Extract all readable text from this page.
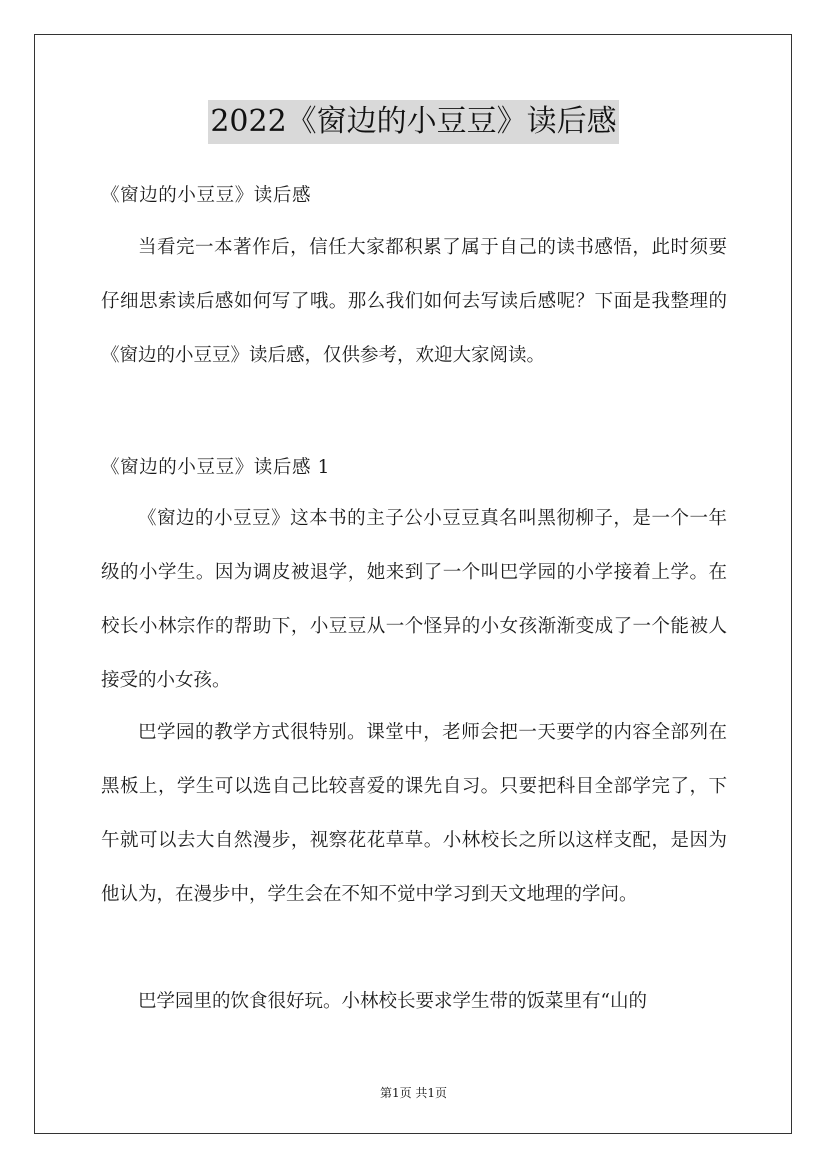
2022《窗边的小豆豆》读后感
《窗边的小豆豆》读后感

当看完一本著作后，信任大家都积累了属于自己的读书感悟，此时须要仔细思索读后感如何写了哦。那么我们如何去写读后感呢？下面是我整理的《窗边的小豆豆》读后感，仅供参考，欢迎大家阅读。

《窗边的小豆豆》读后感 1

《窗边的小豆豆》这本书的主子公小豆豆真名叫黑彻柳子，是一个一年级的小学生。因为调皮被退学，她来到了一个叫巴学园的小学接着上学。在校长小林宗作的帮助下，小豆豆从一个怪异的小女孩渐渐变成了一个能被人接受的小女孩。

巴学园的教学方式很特别。课堂中，老师会把一天要学的内容全部列在黑板上，学生可以选自己比较喜爱的课先自习。只要把科目全部学完了，下午就可以去大自然漫步，视察花花草草。小林校长之所以这样支配，是因为他认为，在漫步中，学生会在不知不觉中学习到天文地理的学问。

巴学园里的饮食很好玩。小林校长要求学生带的饭菜里有“山的

第1页 共1页
